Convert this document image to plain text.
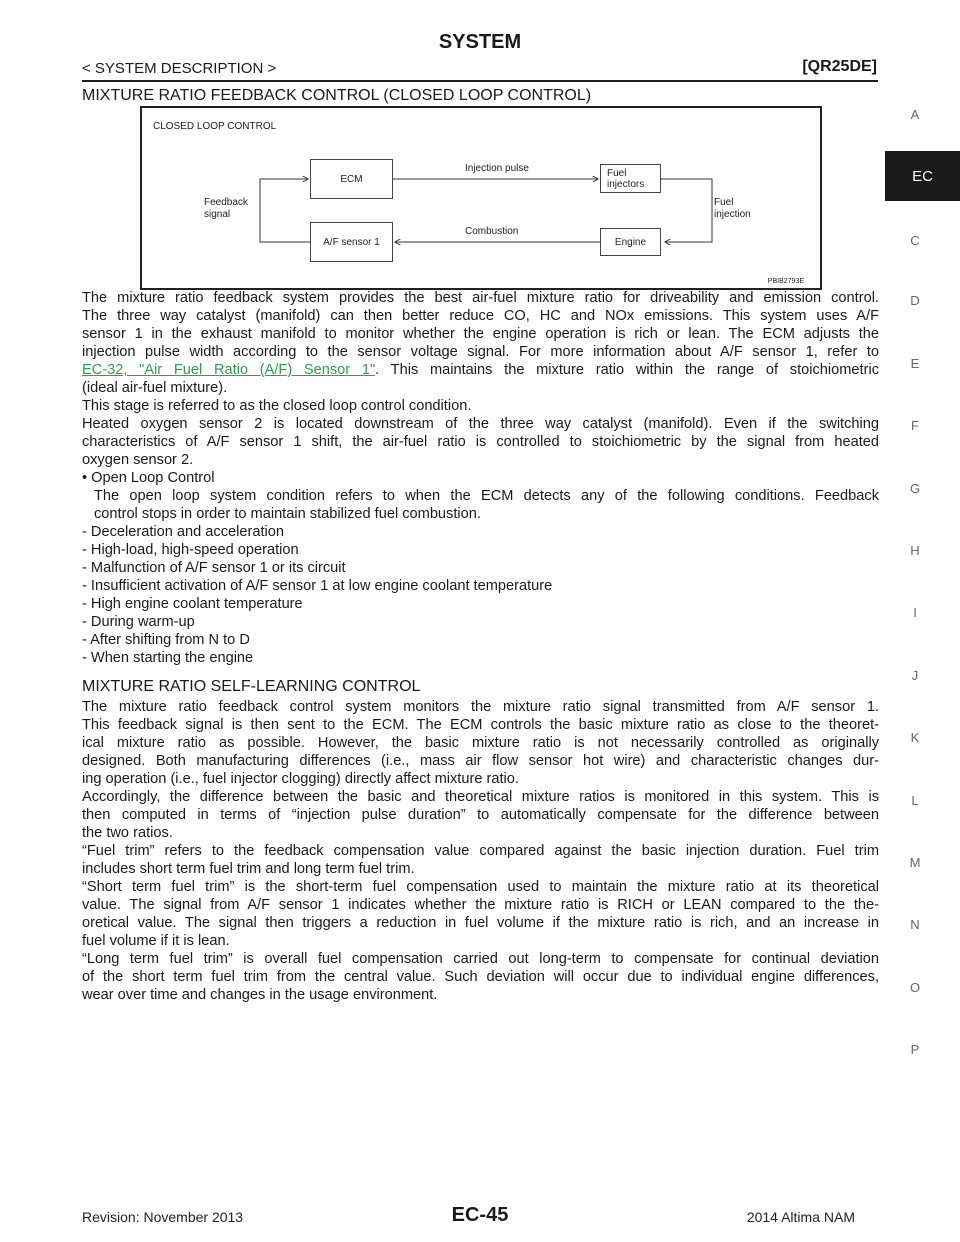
SYSTEM
< SYSTEM DESCRIPTION >	[QR25DE]
MIXTURE RATIO FEEDBACK CONTROL (CLOSED LOOP CONTROL)
CLOSED LOOP CONTROL
ECM
A/F sensor 1
Fuel
injectors
Engine
Injection pulse
Combustion
Feedback
signal
Fuel
injection
PBIB2793E

The mixture ratio feedback system provides the best air-fuel mixture ratio for driveability and emission control.

The three way catalyst (manifold) can then better reduce CO, HC and NOx emissions. This system uses A/F

sensor 1 in the exhaust manifold to monitor whether the engine operation is rich or lean. The ECM adjusts the

injection pulse width according to the sensor voltage signal. For more information about A/F sensor 1, refer to

EC-32, "Air Fuel Ratio (A/F) Sensor 1". This maintains the mixture ratio within the range of stoichiometric

(ideal air-fuel mixture).

This stage is referred to as the closed loop control condition.

Heated oxygen sensor 2 is located downstream of the three way catalyst (manifold). Even if the switching

characteristics of A/F sensor 1 shift, the air-fuel ratio is controlled to stoichiometric by the signal from heated

oxygen sensor 2.

• Open Loop Control

The open loop system condition refers to when the ECM detects any of the following conditions. Feedback

control stops in order to maintain stabilized fuel combustion.

- Deceleration and acceleration

- High-load, high-speed operation

- Malfunction of A/F sensor 1 or its circuit

- Insufficient activation of A/F sensor 1 at low engine coolant temperature

- High engine coolant temperature

- During warm-up

- After shifting from N to D

- When starting the engine

MIXTURE RATIO SELF-LEARNING CONTROL

The mixture ratio feedback control system monitors the mixture ratio signal transmitted from A/F sensor 1.

This feedback signal is then sent to the ECM. The ECM controls the basic mixture ratio as close to the theoret-

ical mixture ratio as possible. However, the basic mixture ratio is not necessarily controlled as originally

designed. Both manufacturing differences (i.e., mass air flow sensor hot wire) and characteristic changes dur-

ing operation (i.e., fuel injector clogging) directly affect mixture ratio.

Accordingly, the difference between the basic and theoretical mixture ratios is monitored in this system. This is

then computed in terms of “injection pulse duration” to automatically compensate for the difference between

the two ratios.

“Fuel trim” refers to the feedback compensation value compared against the basic injection duration. Fuel trim

includes short term fuel trim and long term fuel trim.

“Short term fuel trim” is the short-term fuel compensation used to maintain the mixture ratio at its theoretical

value. The signal from A/F sensor 1 indicates whether the mixture ratio is RICH or LEAN compared to the the-

oretical value. The signal then triggers a reduction in fuel volume if the mixture ratio is rich, and an increase in

fuel volume if it is lean.

“Long term fuel trim” is overall fuel compensation carried out long-term to compensate for continual deviation

of the short term fuel trim from the central value. Such deviation will occur due to individual engine differences,

wear over time and changes in the usage environment.

A
EC
C
D
E
F
G
H
I
J
K
L
M
N
O
P
Revision: November 2013	EC-45	2014 Altima NAM
